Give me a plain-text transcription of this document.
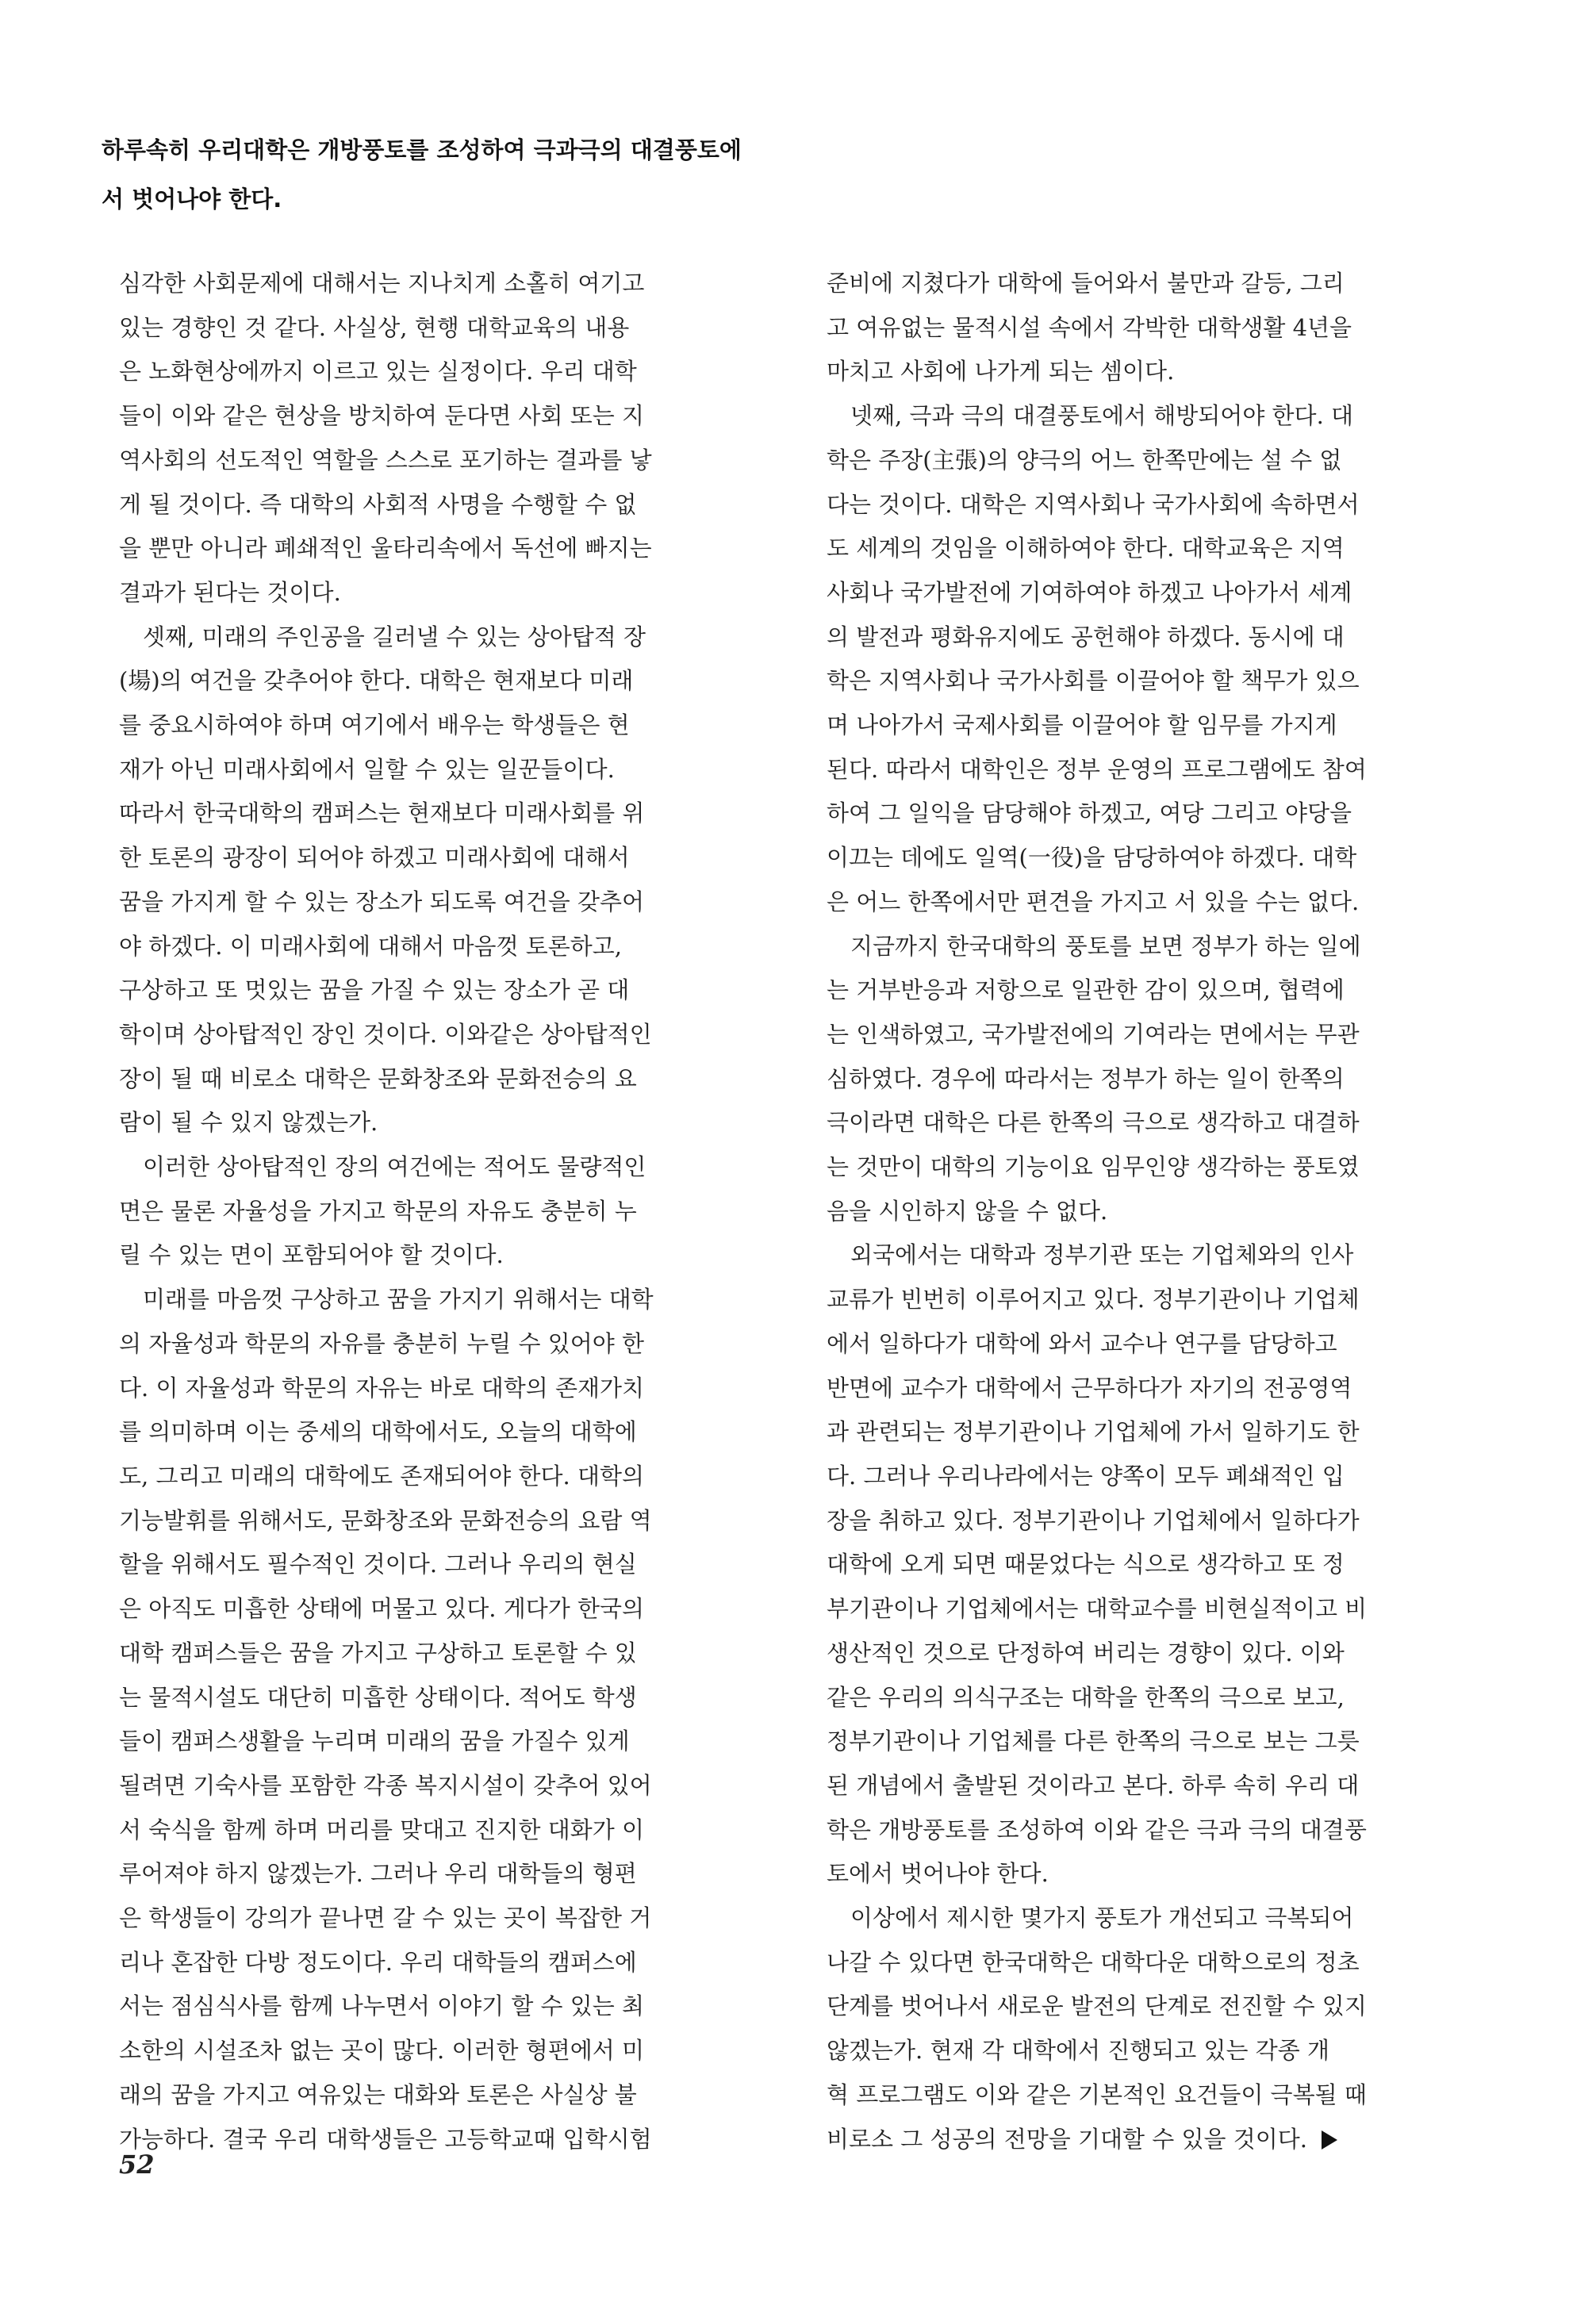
하루속히 우리대학은 개방풍토를 조성하여 극과극의 대결풍토에
서 벗어나야 한다.
심각한 사회문제에 대해서는 지나치게 소홀히 여기고
있는 경향인 것 같다. 사실상, 현행 대학교육의 내용
은 노화현상에까지 이르고 있는 실정이다. 우리 대학
들이 이와 같은 현상을 방치하여 둔다면 사회 또는 지
역사회의 선도적인 역할을 스스로 포기하는 결과를 낳
게 될 것이다. 즉 대학의 사회적 사명을 수행할 수 없
을 뿐만 아니라 폐쇄적인 울타리속에서 독선에 빠지는
결과가 된다는 것이다.
셋째, 미래의 주인공을 길러낼 수 있는 상아탑적 장
(場)의 여건을 갖추어야 한다. 대학은 현재보다 미래
를 중요시하여야 하며 여기에서 배우는 학생들은 현
재가 아닌 미래사회에서 일할 수 있는 일꾼들이다.
따라서 한국대학의 캠퍼스는 현재보다 미래사회를 위
한 토론의 광장이 되어야 하겠고 미래사회에 대해서
꿈을 가지게 할 수 있는 장소가 되도록 여건을 갖추어
야 하겠다. 이 미래사회에 대해서 마음껏 토론하고,
구상하고 또 멋있는 꿈을 가질 수 있는 장소가 곧 대
학이며 상아탑적인 장인 것이다. 이와같은 상아탑적인
장이 될 때 비로소 대학은 문화창조와 문화전승의 요
람이 될 수 있지 않겠는가.
이러한 상아탑적인 장의 여건에는 적어도 물량적인
면은 물론 자율성을 가지고 학문의 자유도 충분히 누
릴 수 있는 면이 포함되어야 할 것이다.
미래를 마음껏 구상하고 꿈을 가지기 위해서는 대학
의 자율성과 학문의 자유를 충분히 누릴 수 있어야 한
다. 이 자율성과 학문의 자유는 바로 대학의 존재가치
를 의미하며 이는 중세의 대학에서도, 오늘의 대학에
도, 그리고 미래의 대학에도 존재되어야 한다. 대학의
기능발휘를 위해서도, 문화창조와 문화전승의 요람 역
할을 위해서도 필수적인 것이다. 그러나 우리의 현실
은 아직도 미흡한 상태에 머물고 있다. 게다가 한국의
대학 캠퍼스들은 꿈을 가지고 구상하고 토론할 수 있
는 물적시설도 대단히 미흡한 상태이다. 적어도 학생
들이 캠퍼스생활을 누리며 미래의 꿈을 가질수 있게
될려면 기숙사를 포함한 각종 복지시설이 갖추어 있어
서 숙식을 함께 하며 머리를 맞대고 진지한 대화가 이
루어져야 하지 않겠는가. 그러나 우리 대학들의 형편
은 학생들이 강의가 끝나면 갈 수 있는 곳이 복잡한 거
리나 혼잡한 다방 정도이다. 우리 대학들의 캠퍼스에
서는 점심식사를 함께 나누면서 이야기 할 수 있는 최
소한의 시설조차 없는 곳이 많다. 이러한 형편에서 미
래의 꿈을 가지고 여유있는 대화와 토론은 사실상 불
가능하다. 결국 우리 대학생들은 고등학교때 입학시험
준비에 지쳤다가 대학에 들어와서 불만과 갈등, 그리
고 여유없는 물적시설 속에서 각박한 대학생활 4년을
마치고 사회에 나가게 되는 셈이다.
넷째, 극과 극의 대결풍토에서 해방되어야 한다. 대
학은 주장(主張)의 양극의 어느 한쪽만에는 설 수 없
다는 것이다. 대학은 지역사회나 국가사회에 속하면서
도 세계의 것임을 이해하여야 한다. 대학교육은 지역
사회나 국가발전에 기여하여야 하겠고 나아가서 세계
의 발전과 평화유지에도 공헌해야 하겠다. 동시에 대
학은 지역사회나 국가사회를 이끌어야 할 책무가 있으
며 나아가서 국제사회를 이끌어야 할 임무를 가지게
된다. 따라서 대학인은 정부 운영의 프로그램에도 참여
하여 그 일익을 담당해야 하겠고, 여당 그리고 야당을
이끄는 데에도 일역(一役)을 담당하여야 하겠다. 대학
은 어느 한쪽에서만 편견을 가지고 서 있을 수는 없다.
지금까지 한국대학의 풍토를 보면 정부가 하는 일에
는 거부반응과 저항으로 일관한 감이 있으며, 협력에
는 인색하였고, 국가발전에의 기여라는 면에서는 무관
심하였다. 경우에 따라서는 정부가 하는 일이 한쪽의
극이라면 대학은 다른 한쪽의 극으로 생각하고 대결하
는 것만이 대학의 기능이요 임무인양 생각하는 풍토였
음을 시인하지 않을 수 없다.
외국에서는 대학과 정부기관 또는 기업체와의 인사
교류가 빈번히 이루어지고 있다. 정부기관이나 기업체
에서 일하다가 대학에 와서 교수나 연구를 담당하고
반면에 교수가 대학에서 근무하다가 자기의 전공영역
과 관련되는 정부기관이나 기업체에 가서 일하기도 한
다. 그러나 우리나라에서는 양쪽이 모두 폐쇄적인 입
장을 취하고 있다. 정부기관이나 기업체에서 일하다가
대학에 오게 되면 때묻었다는 식으로 생각하고 또 정
부기관이나 기업체에서는 대학교수를 비현실적이고 비
생산적인 것으로 단정하여 버리는 경향이 있다. 이와
같은 우리의 의식구조는 대학을 한쪽의 극으로 보고,
정부기관이나 기업체를 다른 한쪽의 극으로 보는 그릇
된 개념에서 출발된 것이라고 본다. 하루 속히 우리 대
학은 개방풍토를 조성하여 이와 같은 극과 극의 대결풍
토에서 벗어나야 한다.
이상에서 제시한 몇가지 풍토가 개선되고 극복되어
나갈 수 있다면 한국대학은 대학다운 대학으로의 정초
단계를 벗어나서 새로운 발전의 단계로 전진할 수 있지
않겠는가. 현재 각 대학에서 진행되고 있는 각종 개
혁 프로그램도 이와 같은 기본적인 요건들이 극복될 때
비로소 그 성공의 전망을 기대할 수 있을 것이다.
52
